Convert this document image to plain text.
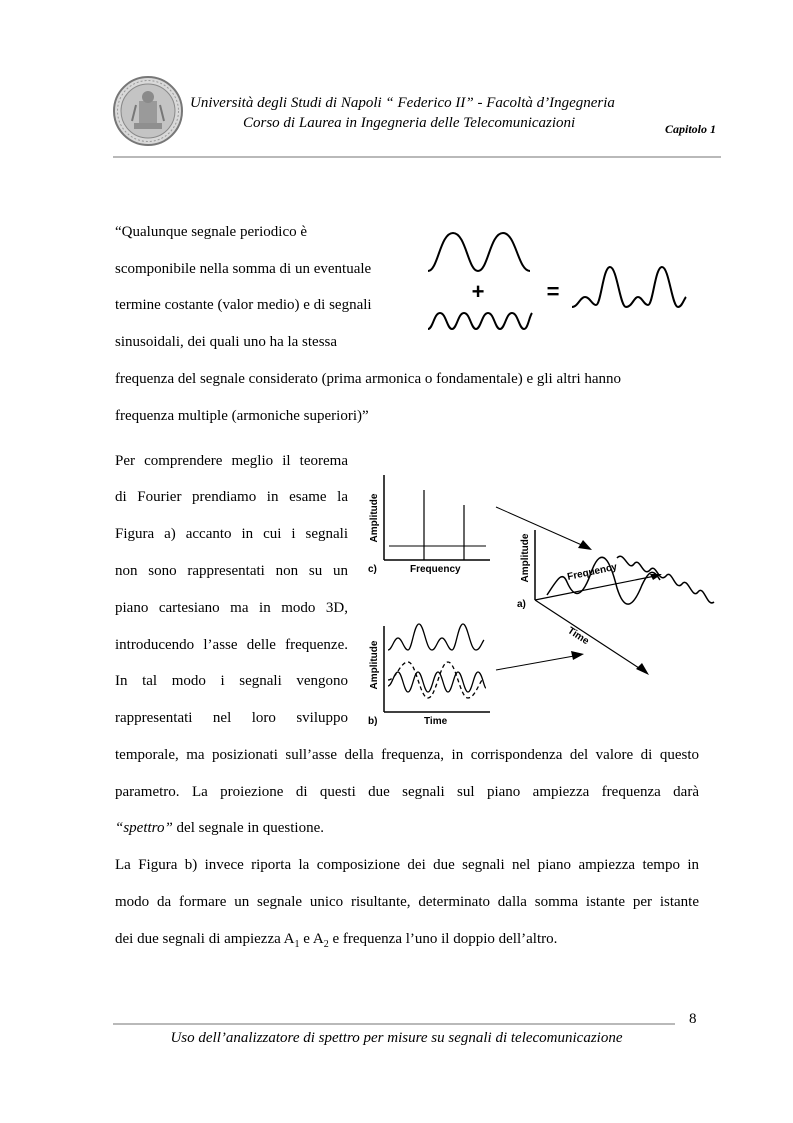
Università degli Studi di Napoli “ Federico II” - Facoltà d’Ingegneria
Corso di Laurea in Ingegneria delle Telecomunicazioni	Capitolo 1
“Qualunque segnale periodico è
scomponibile nella somma di un eventuale
termine costante (valor medio) e di segnali
sinusoidali, dei quali uno ha la stessa
frequenza del segnale considerato (prima armonica o fondamentale) e gli altri hanno
frequenza multiple (armoniche superiori)”
+	=
Per comprendere meglio il teorema
di Fourier prendiamo in esame la
Figura a) accanto in cui i segnali
non sono rappresentati non su un
piano cartesiano ma in modo 3D,
introducendo l’asse delle frequenze.
In tal modo i segnali vengono
rappresentati nel loro sviluppo
Amplitude
c)	Frequency	Amplitude	Frequency
Time
a)
Amplitude
b)	Time
temporale, ma posizionati sull’asse della frequenza, in corrispondenza del valore di questo
parametro. La proiezione di questi due segnali sul piano ampiezza frequenza darà
“spettro” del segnale in questione.
La Figura b) invece riporta la composizione dei due segnali nel piano ampiezza tempo in
modo da formare un segnale unico risultante, determinato dalla somma istante per istante
dei due segnali di ampiezza $A_1$ e $A_2$ e frequenza l’uno il doppio dell’altro.
8
Uso dell’analizzatore di spettro per misure su segnali di telecomunicazione
